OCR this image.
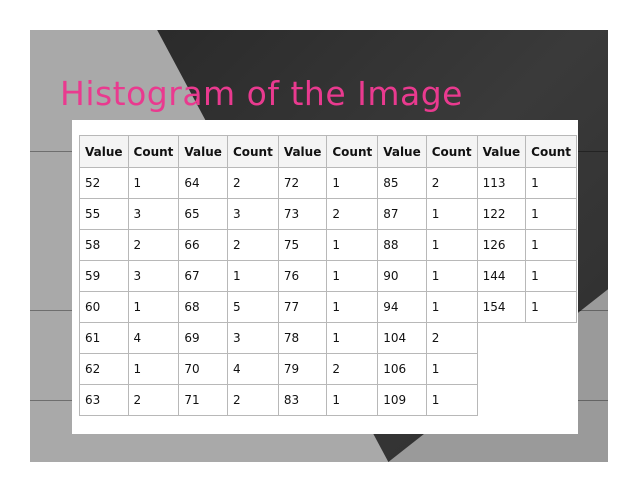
Histogram of the Image
Value	Count	Value	Count	Value	Count	Value	Count	Value	Count
52	1	64	2	72	1	85	2	113	1
55	3	65	3	73	2	87	1	122	1
58	2	66	2	75	1	88	1	126	1
59	3	67	1	76	1	90	1	144	1
60	1	68	5	77	1	94	1	154	1
61	4	69	3	78	1	104	2		
62	1	70	4	79	2	106	1		
63	2	71	2	83	1	109	1		
